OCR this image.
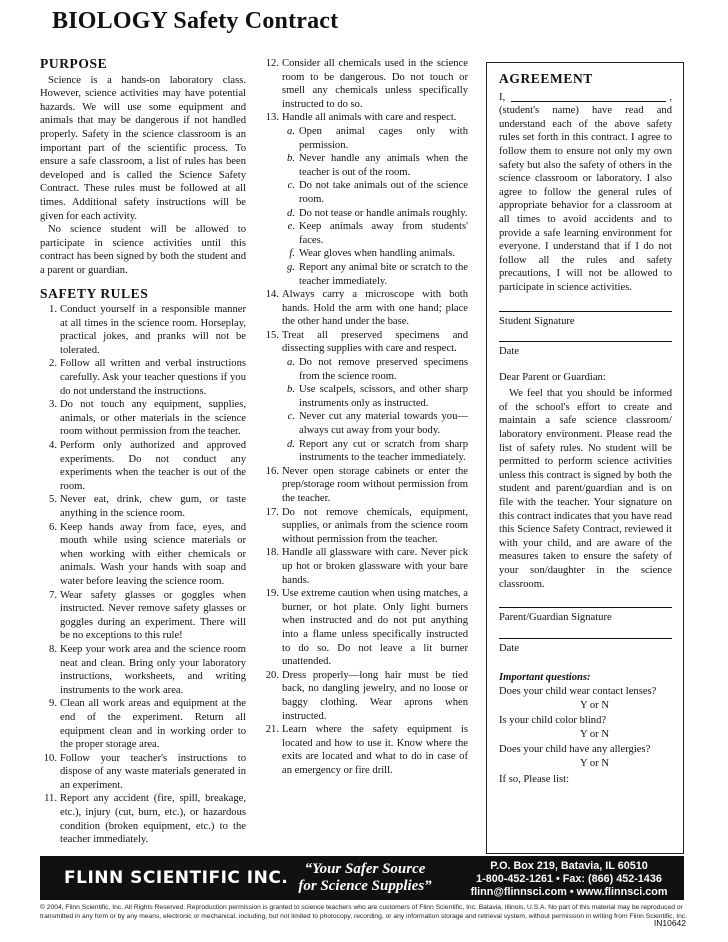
BIOLOGY Safety Contract
PURPOSE
Science is a hands-on laboratory class. However, science activities may have potential hazards. We will use some equipment and animals that may be dangerous if not handled properly. Safety in the science classroom is an important part of the scientific process. To ensure a safe classroom, a list of rules has been developed and is called the Science Safety Contract. These rules must be followed at all times. Additional safety instructions will be given for each activity.
No science student will be allowed to participate in science activities until this contract has been signed by both the student and a parent or guardian.
SAFETY RULES
1. Conduct yourself in a responsible manner at all times in the science room. Horseplay, practical jokes, and pranks will not be tolerated.
2. Follow all written and verbal instructions carefully. Ask your teacher questions if you do not understand the instructions.
3. Do not touch any equipment, supplies, animals, or other materials in the science room without permission from the teacher.
4. Perform only authorized and approved experiments. Do not conduct any experiments when the teacher is out of the room.
5. Never eat, drink, chew gum, or taste anything in the science room.
6. Keep hands away from face, eyes, and mouth while using science materials or when working with either chemicals or animals. Wash your hands with soap and water before leaving the science room.
7. Wear safety glasses or goggles when instructed. Never remove safety glasses or goggles during an experiment. There will be no exceptions to this rule!
8. Keep your work area and the science room neat and clean. Bring only your laboratory instructions, worksheets, and writing instruments to the work area.
9. Clean all work areas and equipment at the end of the experiment. Return all equipment clean and in working order to the proper storage area.
10. Follow your teacher's instructions to dispose of any waste materials generated in an experiment.
11. Report any accident (fire, spill, breakage, etc.), injury (cut, burn, etc.), or hazardous condition (broken equipment, etc.) to the teacher immediately.
12. Consider all chemicals used in the science room to be dangerous. Do not touch or smell any chemicals unless specifically instructed to do so.
13. Handle all animals with care and respect.
a. Open animal cages only with permission.
b. Never handle any animals when the teacher is out of the room.
c. Do not take animals out of the science room.
d. Do not tease or handle animals roughly.
e. Keep animals away from students' faces.
f. Wear gloves when handling animals.
g. Report any animal bite or scratch to the teacher immediately.
14. Always carry a microscope with both hands. Hold the arm with one hand; place the other hand under the base.
15. Treat all preserved specimens and dissecting supplies with care and respect.
a. Do not remove preserved specimens from the science room.
b. Use scalpels, scissors, and other sharp instruments only as instructed.
c. Never cut any material towards you—always cut away from your body.
d. Report any cut or scratch from sharp instruments to the teacher immediately.
16. Never open storage cabinets or enter the prep/storage room without permission from the teacher.
17. Do not remove chemicals, equipment, supplies, or animals from the science room without permission from the teacher.
18. Handle all glassware with care. Never pick up hot or broken glassware with your bare hands.
19. Use extreme caution when using matches, a burner, or hot plate. Only light burners when instructed and do not put anything into a flame unless specifically instructed to do so. Do not leave a lit burner unattended.
20. Dress properly—long hair must be tied back, no dangling jewelry, and no loose or baggy clothing. Wear aprons when instructed.
21. Learn where the safety equipment is located and how to use it. Know where the exits are located and what to do in case of an emergency or fire drill.
AGREEMENT
I,	,
(student's name) have read and understand each of the above safety rules set forth in this contract. I agree to follow them to ensure not only my own safety but also the safety of others in the science classroom or laboratory. I also agree to follow the general rules of appropriate behavior for a classroom at all times to avoid accidents and to provide a safe learning environment for everyone. I understand that if I do not follow all the rules and safety precautions, I will not be allowed to participate in science activities.
Student Signature
Date
Dear Parent or Guardian:
We feel that you should be informed of the school's effort to create and maintain a safe science classroom/ laboratory environment. Please read the list of safety rules. No student will be permitted to perform science activities unless this contract is signed by both the student and parent/guardian and is on file with the teacher. Your signature on this contract indicates that you have read this Science Safety Contract, reviewed it with your child, and are aware of the measures taken to ensure the safety of your son/daughter in the science classroom.
Parent/Guardian Signature
Date
Important questions:
Does your child wear contact lenses?
Y or N
Is your child color blind?
Y or N
Does your child have any allergies?
Y or N
If so, Please list:
FLINN SCIENTIFIC INC.	“Your Safer Source
for Science Supplies”
P.O. Box 219, Batavia, IL 60510
1-800-452-1261 • Fax: (866) 452-1436
flinn@flinnsci.com • www.flinnsci.com
© 2004, Flinn Scientific, Inc. All Rights Reserved. Reproduction permission is granted to science teachers who are customers of Flinn Scientific, Inc. Batavia, Illinois, U.S.A. No part of this material may be reproduced or transmitted in any form or by any means, electronic or mechanical, including, but not limited to photocopy, recording, or any information storage and retrieval system, without permission in writing from Flinn Scientific, Inc.
IN10642
